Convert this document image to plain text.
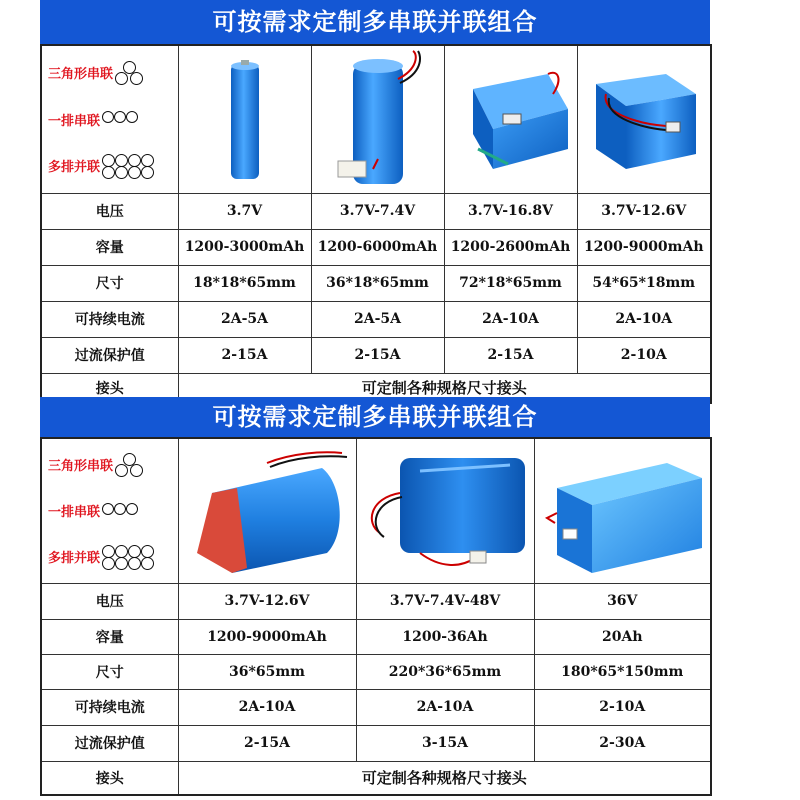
可按需求定制多串联并联组合
三角形串联
一排串联
多排并联

电压	3.7V	3.7V-7.4V	3.7V-16.8V	3.7V-12.6V
容量	1200-3000mAh	1200-6000mAh	1200-2600mAh	1200-9000mAh
尺寸	18*18*65mm	36*18*65mm	72*18*65mm	54*65*18mm
可持续电流	2A-5A	2A-5A	2A-10A	2A-10A
过流保护值	2-15A	2-15A	2-15A	2-10A
接头	可定制各种规格尺寸接头			
可按需求定制多串联并联组合
三角形串联
一排串联
多排并联

电压	3.7V-12.6V	3.7V-7.4V-48V	36V
容量	1200-9000mAh	1200-36Ah	20Ah
尺寸	36*65mm	220*36*65mm	180*65*150mm
可持续电流	2A-10A	2A-10A	2-10A
过流保护值	2-15A	3-15A	2-30A
接头	可定制各种规格尺寸接头		
